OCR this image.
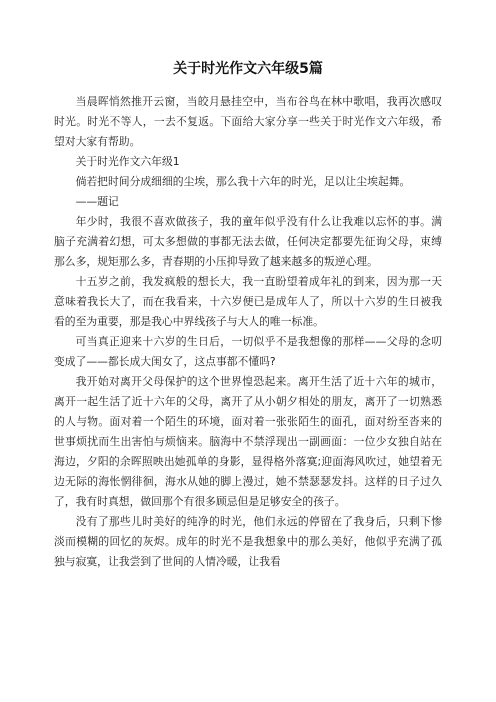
关于时光作文六年级5篇

当晨晖悄然推开云窗，当皎月悬挂空中，当布谷鸟在林中歌唱，我再次感叹时光。时光不等人，一去不复返。下面给大家分享一些关于时光作文六年级，希望对大家有帮助。

关于时光作文六年级1

倘若把时间分成细细的尘埃，那么我十六年的时光，足以让尘埃起舞。

——题记

年少时，我很不喜欢做孩子，我的童年似乎没有什么让我难以忘怀的事。满脑子充满着幻想，可太多想做的事都无法去做，任何决定都要先征询父母，束缚那么多，规矩那么多，青春期的小压抑导致了越来越多的叛逆心理。

十五岁之前，我发疯般的想长大，我一直盼望着成年礼的到来，因为那一天意味着我长大了，而在我看来，十六岁便已是成年人了，所以十六岁的生日被我看的至为重要，那是我心中界线孩子与大人的唯一标准。

可当真正迎来十六岁的生日后，一切似乎不是我想像的那样——父母的念叨变成了——都长成大闺女了，这点事都不懂吗?

我开始对离开父母保护的这个世界惶恐起来。离开生活了近十六年的城市，离开一起生活了近十六年的父母，离开了从小朝夕相处的朋友，离开了一切熟悉的人与物。面对着一个陌生的环境，面对着一张张陌生的面孔，面对纷至沓来的世事烦扰而生出害怕与烦恼来。脑海中不禁浮现出一副画面：一位少女独自站在海边，夕阳的余晖照映出她孤单的身影，显得格外落寞;迎面海风吹过，她望着无边无际的海怅惘徘徊，海水从她的脚上漫过，她不禁瑟瑟发抖。这样的日子过久了，我有时真想，做回那个有很多顾忌但是足够安全的孩子。

没有了那些儿时美好的纯净的时光，他们永远的停留在了我身后，只剩下惨淡而模糊的回忆的灰烬。成年的时光不是我想象中的那么美好，他似乎充满了孤独与寂寞，让我尝到了世间的人情冷暖，让我看
